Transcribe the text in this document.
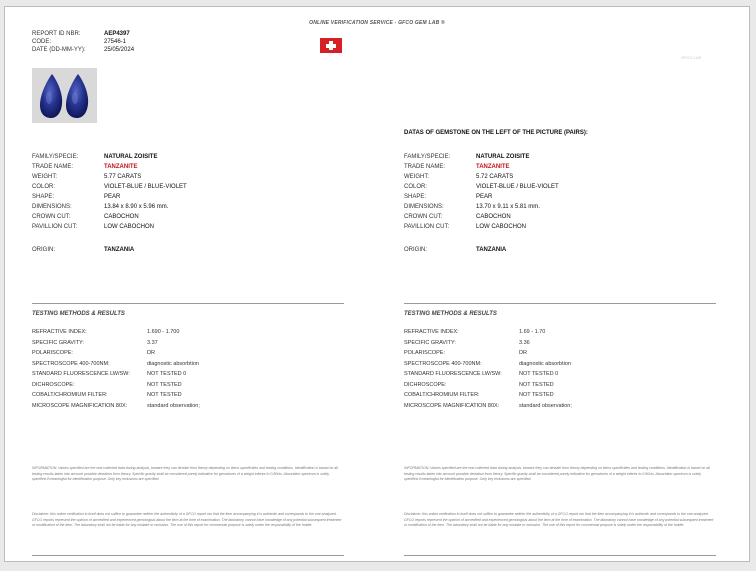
ONLINE VERIFICATION SERVICE - GFCO GEM LAB ®
REPORT ID NBR:	AEP4397
CODE:	27546-1
DATE (DD-MM-YY):	25/05/2024
GFCO LAB
DATAS OF GEMSTONE ON THE LEFT OF THE PICTURE (PAIRS):
FAMILY/SPECIE:	NATURAL ZOISITE
TRADE NAME:	TANZANITE
WEIGHT:	5.77 CARATS
COLOR:	VIOLET-BLUE / BLUE-VIOLET
SHAPE:	PEAR
DIMENSIONS:	13.84 x 8.90 x 5.96 mm.
CROWN CUT:	CABOCHON
PAVILLION CUT:	LOW CABOCHON
ORIGIN:	TANZANIA
FAMILY/SPECIE:	NATURAL ZOISITE
TRADE NAME:	TANZANITE
WEIGHT:	5.72 CARATS
COLOR:	VIOLET-BLUE / BLUE-VIOLET
SHAPE:	PEAR
DIMENSIONS:	13.70 x 9.11 x 5.81 mm.
CROWN CUT:	CABOCHON
PAVILLION CUT:	LOW CABOCHON
ORIGIN:	TANZANIA
TESTING METHODS & RESULTS	TESTING METHODS & RESULTS
REFRACTIVE INDEX:	1.690 - 1.700
SPECIFIC GRAVITY:	3.37
POLARISCOPE:	DR
SPECTROSCOPE 400-700NM:	diagnostic absorbtion
STANDARD FLUORESCENCE LW/SW:	NOT TESTED 0
DICHROSCOPE:	NOT TESTED
COBALT/CHROMIUM FILTER:	NOT TESTED
MICROSCOPE MAGNIFICATION 80X:	standard observation;
REFRACTIVE INDEX:	1.69 - 1.70
SPECIFIC GRAVITY:	3.36
POLARISCOPE:	DR
SPECTROSCOPE 400-700NM:	diagnostic absorbtion
STANDARD FLUORESCENCE LW/SW:	NOT TESTED 0
DICHROSCOPE:	NOT TESTED
COBALT/CHROMIUM FILTER:	NOT TESTED
MICROSCOPE MAGNIFICATION 80X:	standard observation;
INFORMATION: Values specified are the real collected data during analysis, beware they can deviate from theory depending on items specificities and testing conditions. Identification is based on all testing results taken into account possible deviation from theory. Specific gravity shall be considered purely indicative for gemstones of a weight inferior to 0.80cts. Absorbtion spectrum is solely specified if meaningful for identification purpose. Only key inclusions are specified.
INFORMATION: Values specified are the real collected data during analysis, beware they can deviate from theory depending on items specificities and testing conditions. Identification is based on all testing results taken into account possible deviation from theory. Specific gravity shall be considered purely indicative for gemstones of a weight inferior to 0.80cts. Absorbtion spectrum is solely specified if meaningful for identification purpose. Only key inclusions are specified.
Disclaimer: this online verification in itself does not suffice to guarantee neither the authenticity of a GFCO report nor that the item accompanying it is authentic and corresponds to the one analyzed. GFCO reports represent the opinion of accredited and experienced gemologists about the item at the time of examination. The laboratory cannot have knowledge of any potential subsequent treatment or modification of the item. The laboratory shall not be liable for any mistake or omission. The use of this report for commercial purpose is solely under the responsibility of the holder.
Disclaimer: this online verification in itself does not suffice to guarantee neither the authenticity of a GFCO report nor that the item accompanying it is authentic and corresponds to the one analyzed. GFCO reports represent the opinion of accredited and experienced gemologists about the item at the time of examination. The laboratory cannot have knowledge of any potential subsequent treatment or modification of the item. The laboratory shall not be liable for any mistake or omission. The use of this report for commercial purpose is solely under the responsibility of the holder.
